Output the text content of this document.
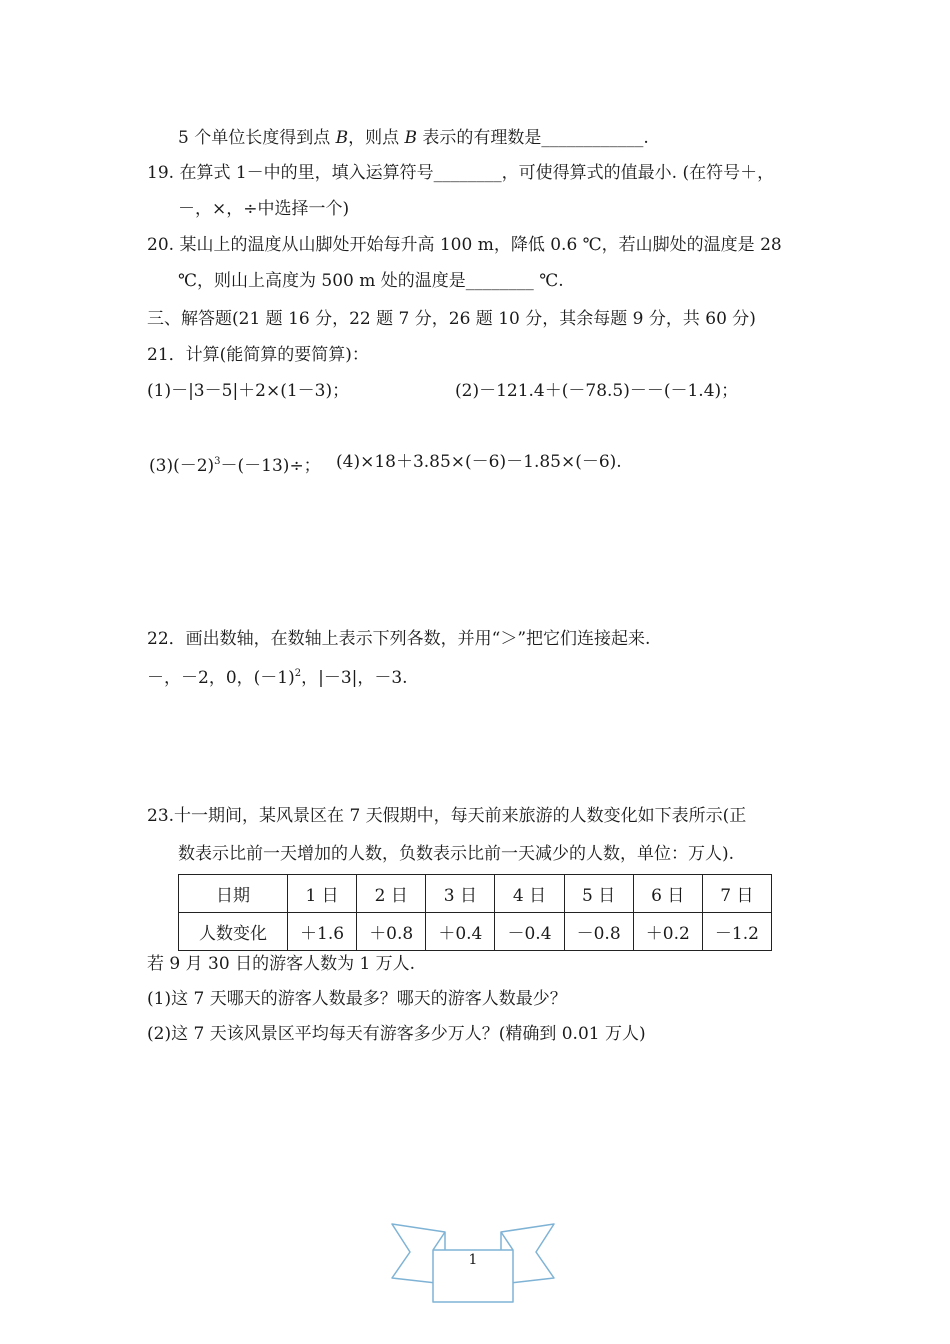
5 个单位长度得到点 B，则点 B 表示的有理数是____________.
19. 在算式 1－中的里，填入运算符号________，可使得算式的值最小. (在符号＋，
－，×，÷中选择一个)
20. 某山上的温度从山脚处开始每升高 100 m，降低 0.6 ℃，若山脚处的温度是 28
℃，则山上高度为 500 m 处的温度是________ ℃.
三、解答题(21 题 16 分，22 题 7 分，26 题 10 分，其余每题 9 分，共 60 分)
21．计算(能简算的要简算)：
(1)－|3－5|＋2×(1－3)；	(2)－121.4＋(－78.5)－－(－1.4)；
$(3)(-2)^3-(-13)\div$； (4)×18＋3.85×(－6)－1.85×(－6).
22．画出数轴，在数轴上表示下列各数，并用“＞”把它们连接起来.
－，－2，0，$(-1)^2$，|－3|，－3.
23.十一期间，某风景区在 7 天假期中，每天前来旅游的人数变化如下表所示(正
数表示比前一天增加的人数，负数表示比前一天减少的人数，单位：万人).
日期	1 日	2 日	3 日	4 日	5 日	6 日	7 日
人数变化	＋1.6	＋0.8	＋0.4	－0.4	－0.8	＋0.2	－1.2
若 9 月 30 日的游客人数为 1 万人.
(1)这 7 天哪天的游客人数最多？哪天的游客人数最少？
(2)这 7 天该风景区平均每天有游客多少万人？(精确到 0.01 万人)
1
